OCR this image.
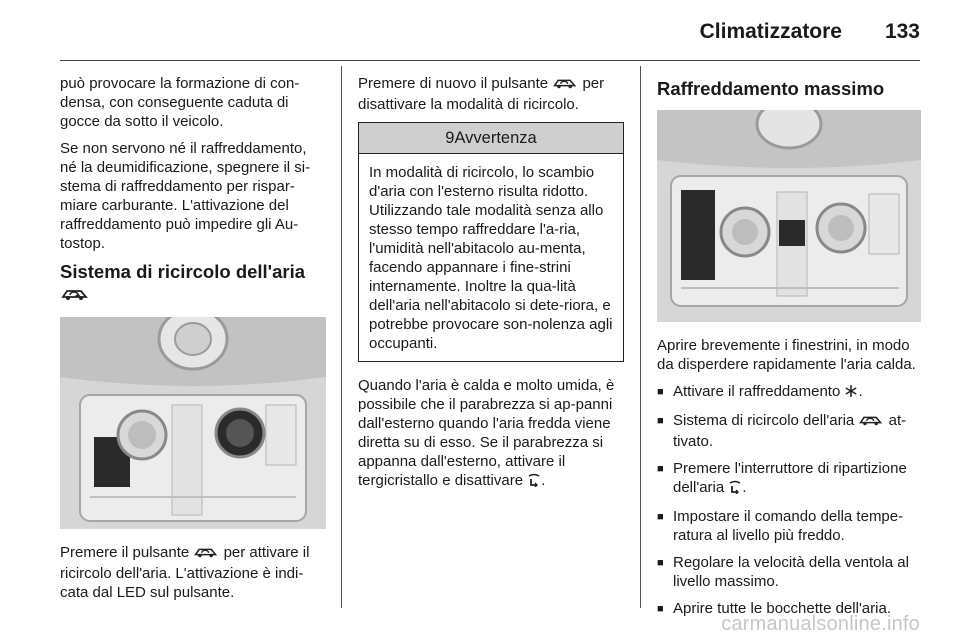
Climatizzatore 133

può provocare la formazione di con-densa, con conseguente caduta di gocce da sotto il veicolo.

Se non servono né il raffreddamento, né la deumidificazione, spegnere il si-stema di raffreddamento per rispar-miare carburante. L'attivazione del raffreddamento può impedire gli Au-tostop.

Sistema di ricircolo dell'aria

Premere il pulsante per attivare il ricircolo dell'aria. L'attivazione è indi-cata dal LED sul pulsante.

Premere di nuovo il pulsante per disattivare la modalità di ricircolo.

9Avvertenza
In modalità di ricircolo, lo scambio d'aria con l'esterno risulta ridotto. Utilizzando tale modalità senza allo stesso tempo raffreddare l'a-ria, l'umidità nell'abitacolo au-menta, facendo appannare i fine-strini internamente. Inoltre la qua-lità dell'aria nell'abitacolo si dete-riora, e potrebbe provocare son-nolenza agli occupanti.

Quando l'aria è calda e molto umida, è possibile che il parabrezza si ap-panni dall'esterno quando l'aria fredda viene diretta su di esso. Se il parabrezza si appanna dall'esterno, attivare il tergicristallo e disattivare .

Raffreddamento massimo

Aprire brevemente i finestrini, in modo da disperdere rapidamente l'aria calda.

■ Attivare il raffreddamento .
■ Sistema di ricircolo dell'aria at-tivato.
■ Premere l'interruttore di ripartizione dell'aria .
■ Impostare il comando della tempe-ratura al livello più freddo.
■ Regolare la velocità della ventola al livello massimo.
■ Aprire tutte le bocchette dell'aria.
carmanualsonline.info
